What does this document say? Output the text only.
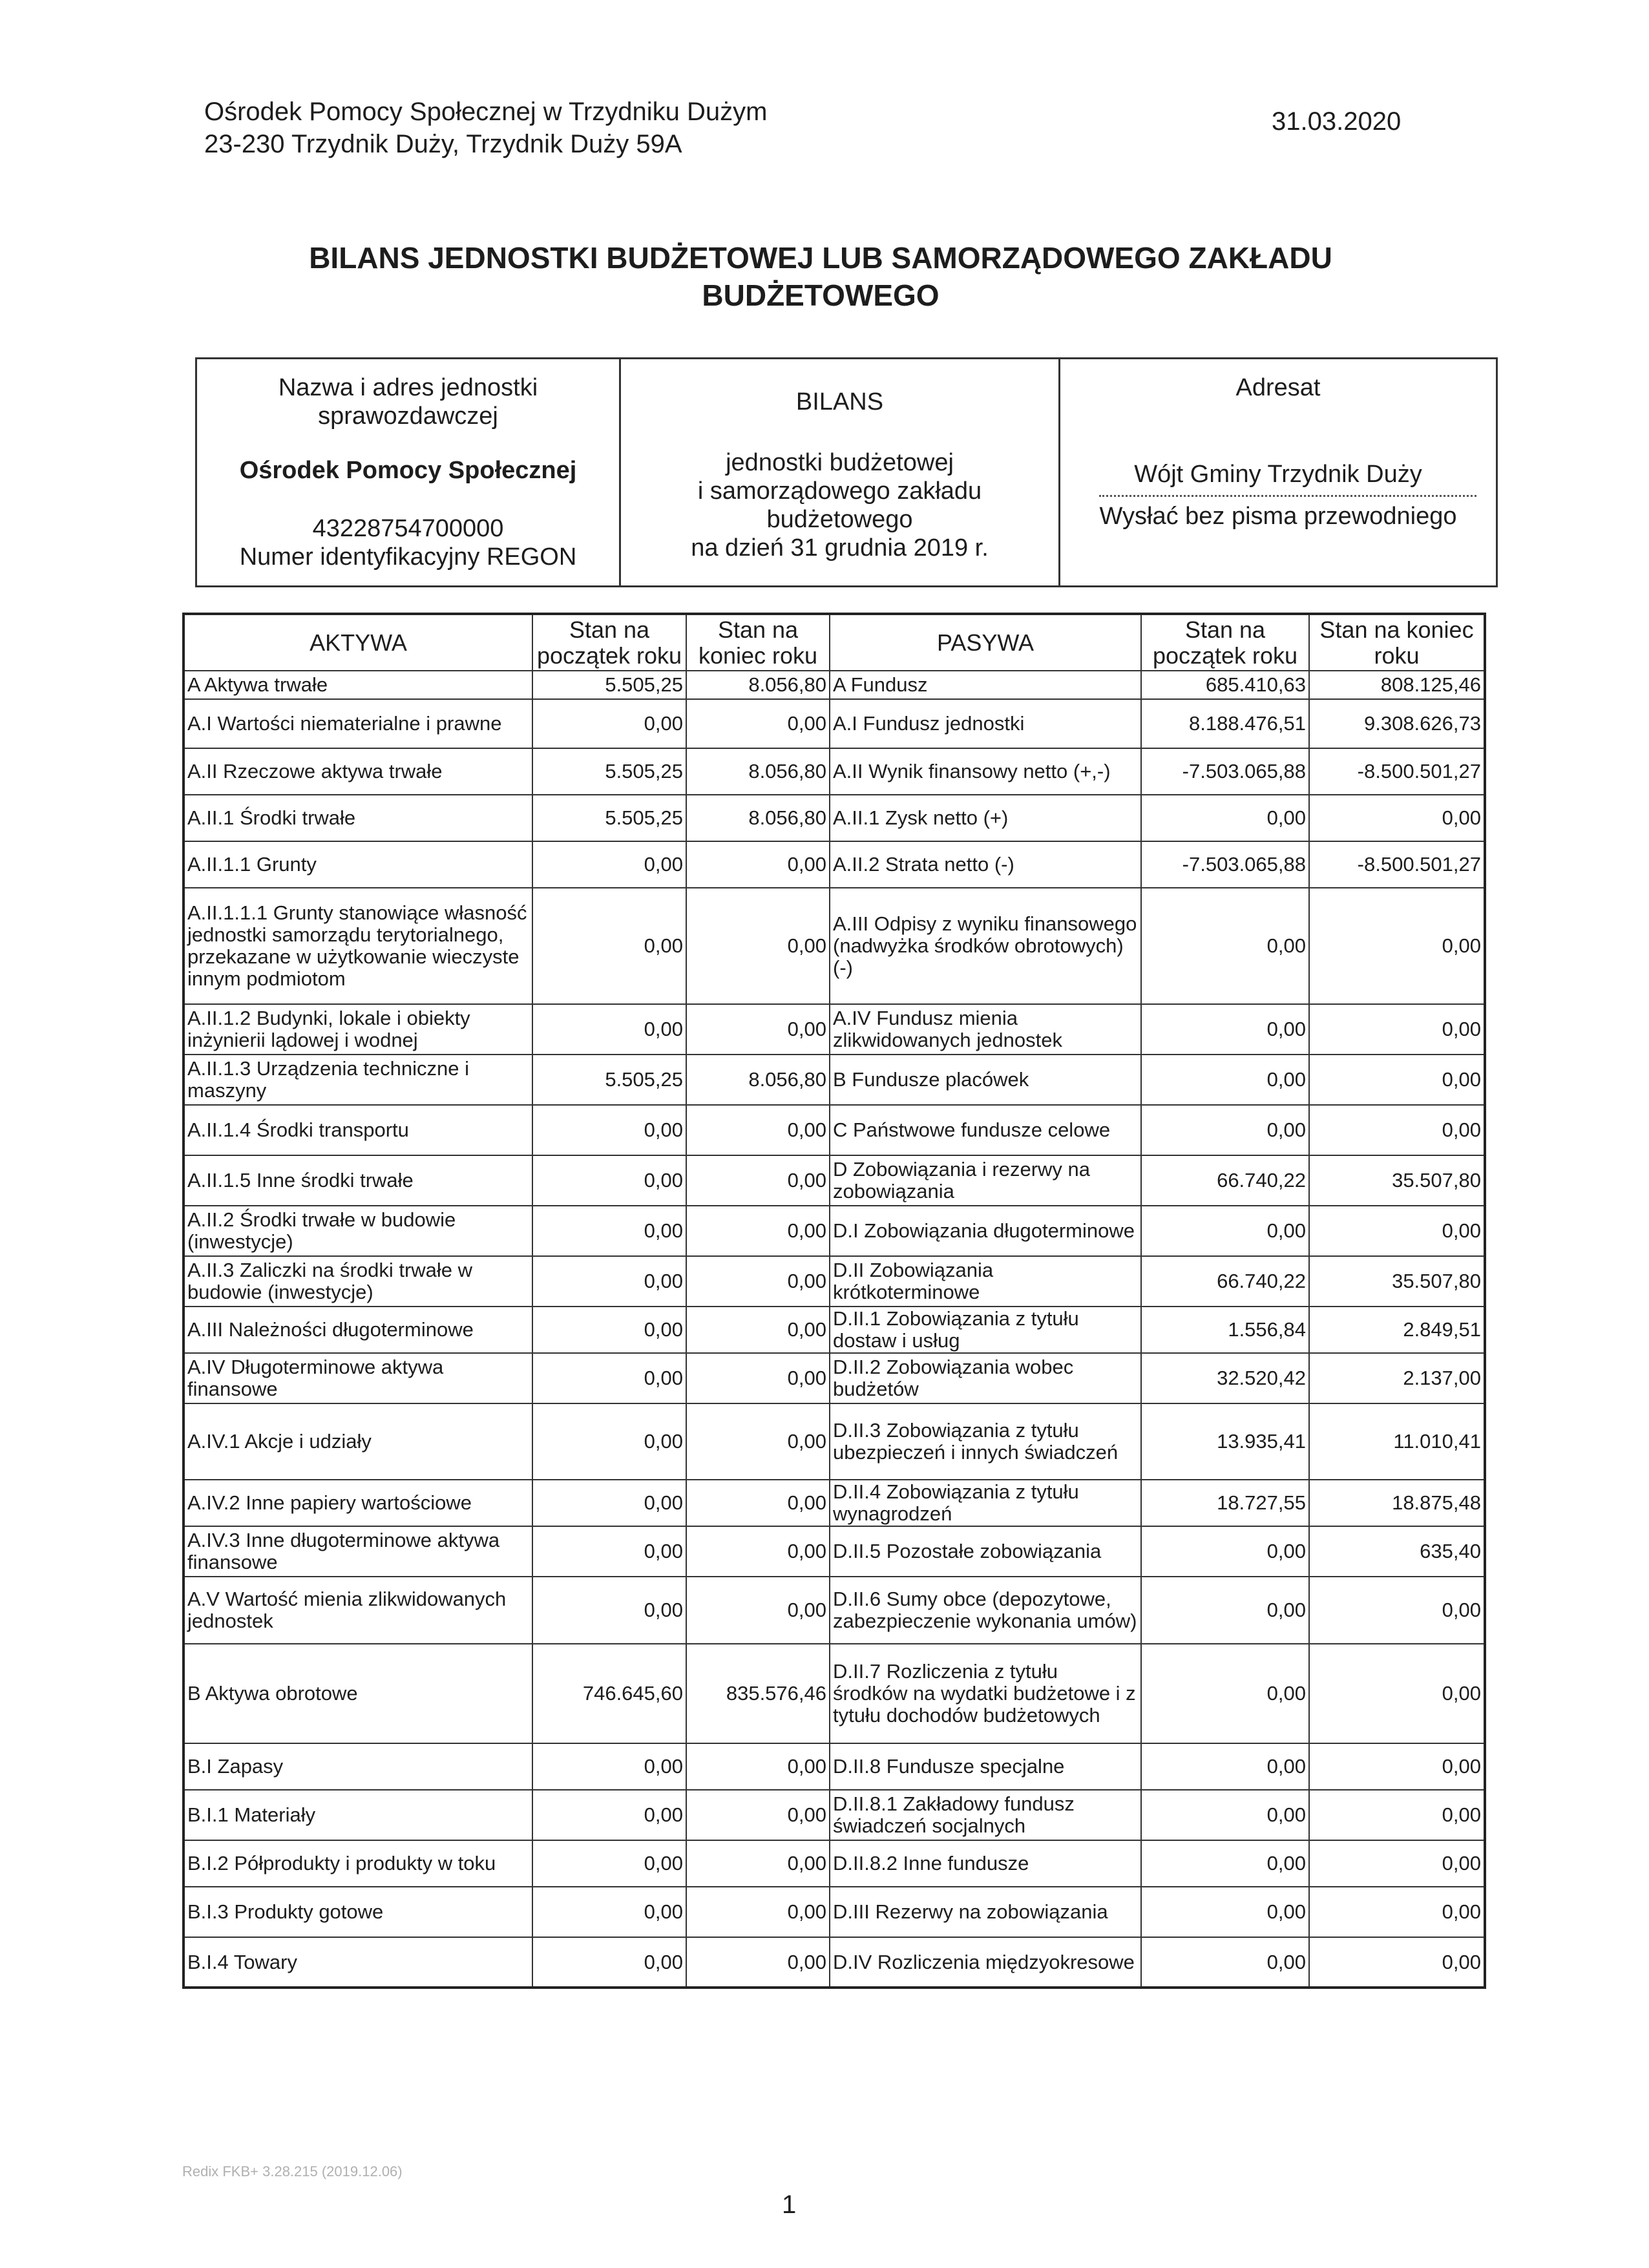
Ośrodek Pomocy Społecznej w Trzydniku Dużym
23-230 Trzydnik Duży, Trzydnik Duży 59A
31.03.2020
BILANS JEDNOSTKI BUDŻETOWEJ LUB SAMORZĄDOWEGO ZAKŁADU
BUDŻETOWEGO
Nazwa i adres jednostki
sprawozdawczej
Ośrodek Pomocy Społecznej
43228754700000
Numer identyfikacyjny REGON
BILANS
jednostki budżetowej
i samorządowego zakładu
budżetowego
na dzień 31 grudnia 2019 r.
Adresat
Wójt Gminy Trzydnik Duży
Wysłać bez pisma przewodniego
AKTYWA	Stan na początek roku	Stan na koniec roku	PASYWA	Stan na początek roku	Stan na koniec roku
A Aktywa trwałe	5.505,25	8.056,80	A Fundusz	685.410,63	808.125,46
A.I Wartości niematerialne i prawne	0,00	0,00	A.I Fundusz jednostki	8.188.476,51	9.308.626,73
A.II Rzeczowe aktywa trwałe	5.505,25	8.056,80	A.II Wynik finansowy netto (+,-)	-7.503.065,88	-8.500.501,27
A.II.1 Środki trwałe	5.505,25	8.056,80	A.II.1 Zysk netto (+)	0,00	0,00
A.II.1.1 Grunty	0,00	0,00	A.II.2 Strata netto (-)	-7.503.065,88	-8.500.501,27
A.II.1.1.1 Grunty stanowiące własność jednostki samorządu terytorialnego, przekazane w użytkowanie wieczyste innym podmiotom	0,00	0,00	A.III Odpisy z wyniku finansowego (nadwyżka środków obrotowych) (-)	0,00	0,00
A.II.1.2 Budynki, lokale i obiekty inżynierii lądowej i wodnej	0,00	0,00	A.IV Fundusz mienia zlikwidowanych jednostek	0,00	0,00
A.II.1.3 Urządzenia techniczne i maszyny	5.505,25	8.056,80	B Fundusze placówek	0,00	0,00
A.II.1.4 Środki transportu	0,00	0,00	C Państwowe fundusze celowe	0,00	0,00
A.II.1.5 Inne środki trwałe	0,00	0,00	D Zobowiązania i rezerwy na zobowiązania	66.740,22	35.507,80
A.II.2 Środki trwałe w budowie (inwestycje)	0,00	0,00	D.I Zobowiązania długoterminowe	0,00	0,00
A.II.3 Zaliczki na środki trwałe w budowie (inwestycje)	0,00	0,00	D.II Zobowiązania krótkoterminowe	66.740,22	35.507,80
A.III Należności długoterminowe	0,00	0,00	D.II.1 Zobowiązania z tytułu dostaw i usług	1.556,84	2.849,51
A.IV Długoterminowe aktywa finansowe	0,00	0,00	D.II.2 Zobowiązania wobec budżetów	32.520,42	2.137,00
A.IV.1 Akcje i udziały	0,00	0,00	D.II.3 Zobowiązania z tytułu ubezpieczeń i innych świadczeń	13.935,41	11.010,41
A.IV.2 Inne papiery wartościowe	0,00	0,00	D.II.4 Zobowiązania z tytułu wynagrodzeń	18.727,55	18.875,48
A.IV.3 Inne długoterminowe aktywa finansowe	0,00	0,00	D.II.5 Pozostałe zobowiązania	0,00	635,40
A.V Wartość mienia zlikwidowanych jednostek	0,00	0,00	D.II.6 Sumy obce (depozytowe, zabezpieczenie wykonania umów)	0,00	0,00
B Aktywa obrotowe	746.645,60	835.576,46	D.II.7 Rozliczenia z tytułu środków na wydatki budżetowe i z tytułu dochodów budżetowych	0,00	0,00
B.I Zapasy	0,00	0,00	D.II.8 Fundusze specjalne	0,00	0,00
B.I.1 Materiały	0,00	0,00	D.II.8.1 Zakładowy fundusz świadczeń socjalnych	0,00	0,00
B.I.2 Półprodukty i produkty w toku	0,00	0,00	D.II.8.2 Inne fundusze	0,00	0,00
B.I.3 Produkty gotowe	0,00	0,00	D.III Rezerwy na zobowiązania	0,00	0,00
B.I.4 Towary	0,00	0,00	D.IV Rozliczenia międzyokresowe	0,00	0,00
Redix FKB+ 3.28.215 (2019.12.06)
1
